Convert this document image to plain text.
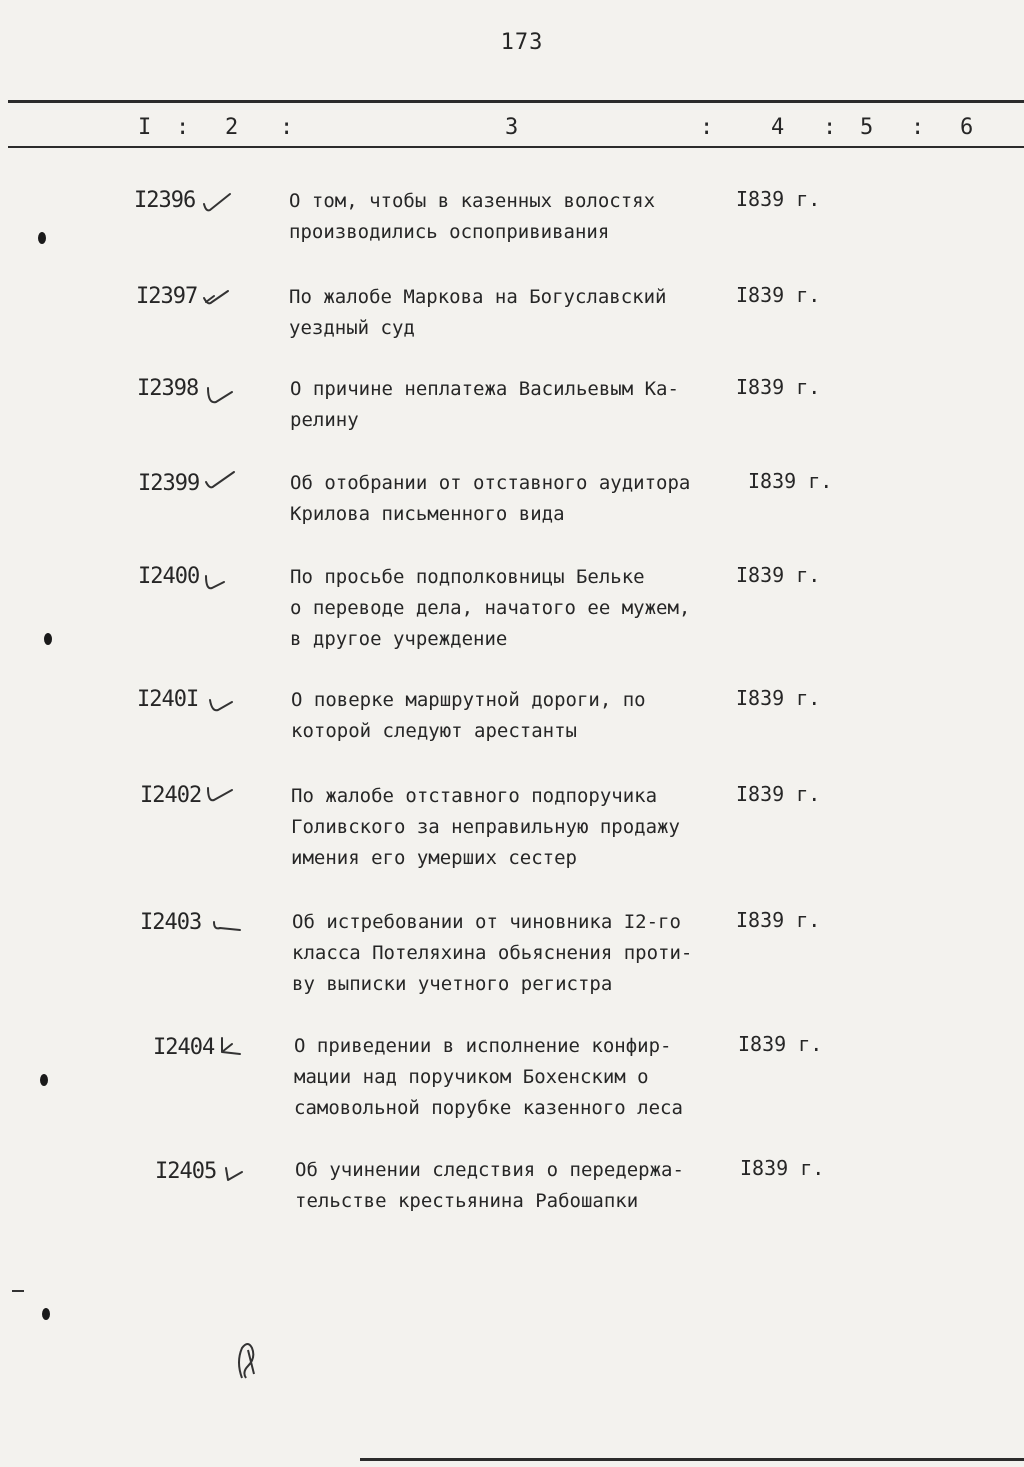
173
I : 2 :	3	:	4 : 5 : 6
I2396	О том, чтобы в казенных волостях
производились оспопрививания
I839 г.
I2397	По жалобе Маркова на Богуславский
уездный суд
I839 г.
I2398	О причине неплатежа Васильевым Ка-
релину
I839 г.
I2399	Об отобрании от отставного аудитора
Крилова письменного вида
I839 г.
I2400	По просьбе подполковницы Бельке
о переводе дела, начатого ее мужем,
в другое учреждение
I839 г.
I240I	О поверке маршрутной дороги, по
которой следуют арестанты
I839 г.
I2402	По жалобе отставного подпоручика
Голивского за неправильную продажу
имения его умерших сестер
I839 г.
I2403	Об истребовании от чиновника I2-го
класса Потеляхина обьяснения проти-
ву выписки учетного регистра
I839 г.
I2404	О приведении в исполнение конфир-
мации над поручиком Бохенским о
самовольной порубке казенного леса
I839 г.
I2405	Об учинении следствия о передержа-
тельстве крестьянина Рабошапки
I839 г.
